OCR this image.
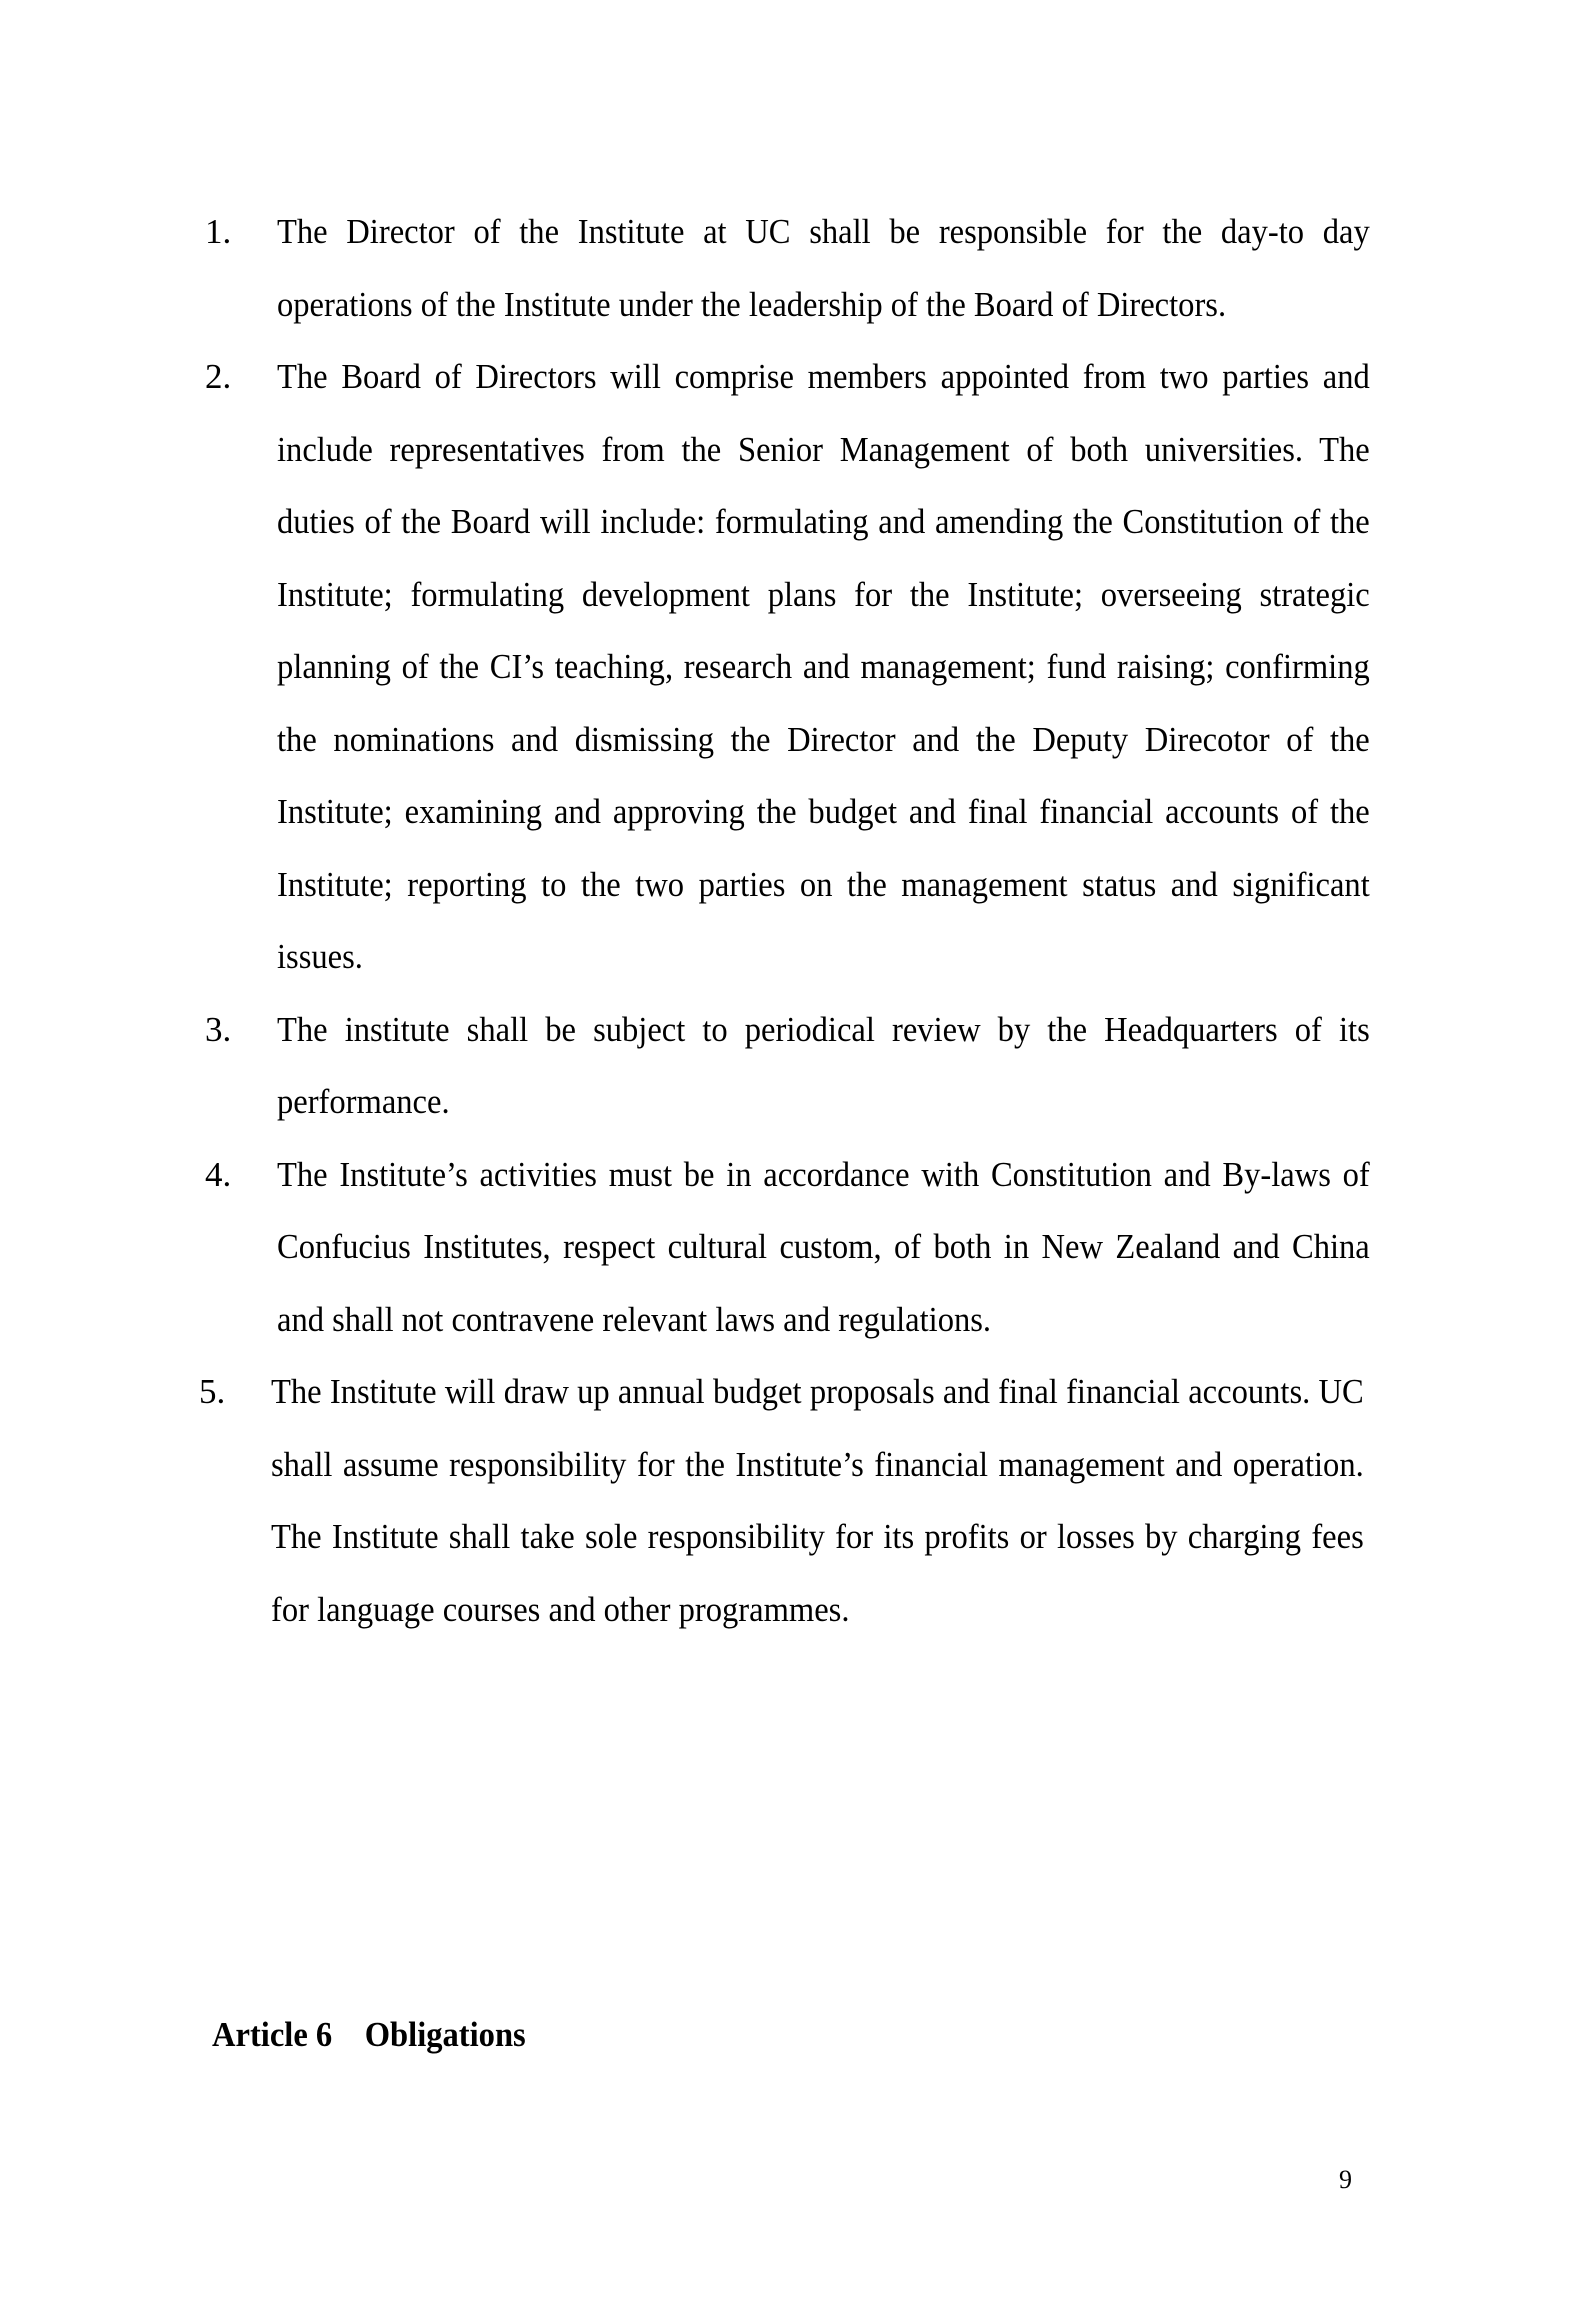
1.	The Director of the Institute at UC shall be responsible for the day-to day operations of the Institute under the leadership of the Board of Directors.
2.	The Board of Directors will comprise members appointed from two parties and include representatives from the Senior Management of both universities. The duties of the Board will include: formulating and amending the Constitution of the Institute; formulating development plans for the Institute; overseeing strategic planning of the CI’s teaching, research and management; fund raising; confirming the nominations and dismissing the Director and the Deputy Direcotor of the Institute; examining and approving the budget and final financial accounts of the Institute; reporting to the two parties on the management status and significant issues.
3.	The institute shall be subject to periodical review by the Headquarters of its performance.
4.	The Institute’s activities must be in accordance with Constitution and By-laws of Confucius Institutes, respect cultural custom, of both in New Zealand and China and shall not contravene relevant laws and regulations.
5.	The Institute will draw up annual budget proposals and final financial accounts. UC shall assume responsibility for the Institute’s financial management and operation. The Institute shall take sole responsibility for its profits or losses by charging fees for language courses and other programmes.
Article 6    Obligations
9
